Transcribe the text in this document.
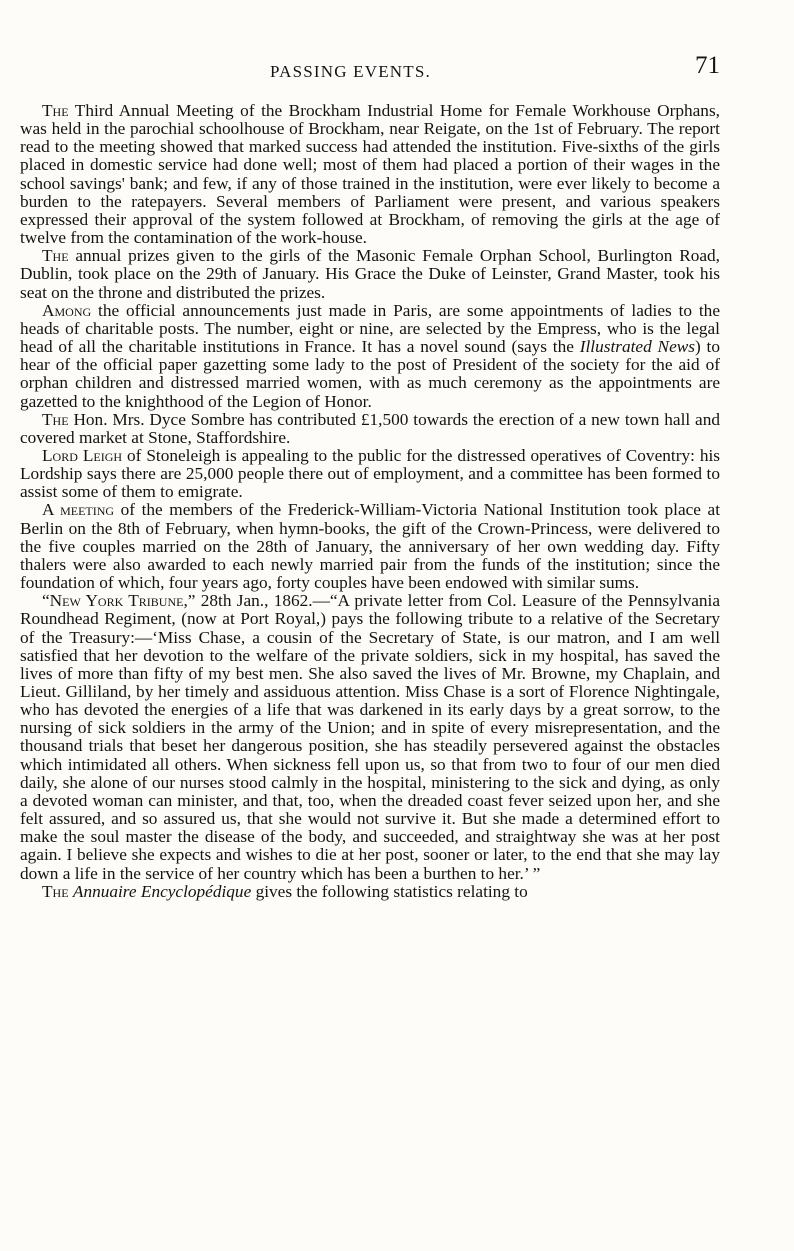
PASSING EVENTS.	71

The Third Annual Meeting of the Brockham Industrial Home for Female Workhouse Orphans, was held in the parochial schoolhouse of Brockham, near Reigate, on the 1st of February. The report read to the meeting showed that marked success had attended the institution. Five-sixths of the girls placed in domestic service had done well; most of them had placed a portion of their wages in the school savings' bank; and few, if any of those trained in the institution, were ever likely to become a burden to the ratepayers. Several members of Parliament were present, and various speakers expressed their approval of the system followed at Brockham, of removing the girls at the age of twelve from the contamination of the work-house.

The annual prizes given to the girls of the Masonic Female Orphan School, Burlington Road, Dublin, took place on the 29th of January. His Grace the Duke of Leinster, Grand Master, took his seat on the throne and distributed the prizes.

Among the official announcements just made in Paris, are some appointments of ladies to the heads of charitable posts. The number, eight or nine, are selected by the Empress, who is the legal head of all the charitable institutions in France. It has a novel sound (says the Illustrated News) to hear of the official paper gazetting some lady to the post of President of the society for the aid of orphan children and distressed married women, with as much ceremony as the appointments are gazetted to the knighthood of the Legion of Honor.

The Hon. Mrs. Dyce Sombre has contributed £1,500 towards the erection of a new town hall and covered market at Stone, Staffordshire.

Lord Leigh of Stoneleigh is appealing to the public for the distressed operatives of Coventry: his Lordship says there are 25,000 people there out of employment, and a committee has been formed to assist some of them to emigrate.

A meeting of the members of the Frederick-William-Victoria National Institution took place at Berlin on the 8th of February, when hymn-books, the gift of the Crown-Princess, were delivered to the five couples married on the 28th of January, the anniversary of her own wedding day. Fifty thalers were also awarded to each newly married pair from the funds of the institution; since the foundation of which, four years ago, forty couples have been endowed with similar sums.

“New York Tribune,” 28th Jan., 1862.—“A private letter from Col. Leasure of the Pennsylvania Roundhead Regiment, (now at Port Royal,) pays the following tribute to a relative of the Secretary of the Treasury:—‘Miss Chase, a cousin of the Secretary of State, is our matron, and I am well satisfied that her devotion to the welfare of the private soldiers, sick in my hospital, has saved the lives of more than fifty of my best men. She also saved the lives of Mr. Browne, my Chaplain, and Lieut. Gilliland, by her timely and assiduous attention. Miss Chase is a sort of Florence Nightingale, who has devoted the energies of a life that was darkened in its early days by a great sorrow, to the nursing of sick soldiers in the army of the Union; and in spite of every misrepresentation, and the thousand trials that beset her dangerous position, she has steadily persevered against the obstacles which intimidated all others. When sickness fell upon us, so that from two to four of our men died daily, she alone of our nurses stood calmly in the hospital, ministering to the sick and dying, as only a devoted woman can minister, and that, too, when the dreaded coast fever seized upon her, and she felt assured, and so assured us, that she would not survive it. But she made a determined effort to make the soul master the disease of the body, and succeeded, and straightway she was at her post again. I believe she expects and wishes to die at her post, sooner or later, to the end that she may lay down a life in the service of her country which has been a burthen to her.’ ”

The Annuaire Encyclopédique gives the following statistics relating to
